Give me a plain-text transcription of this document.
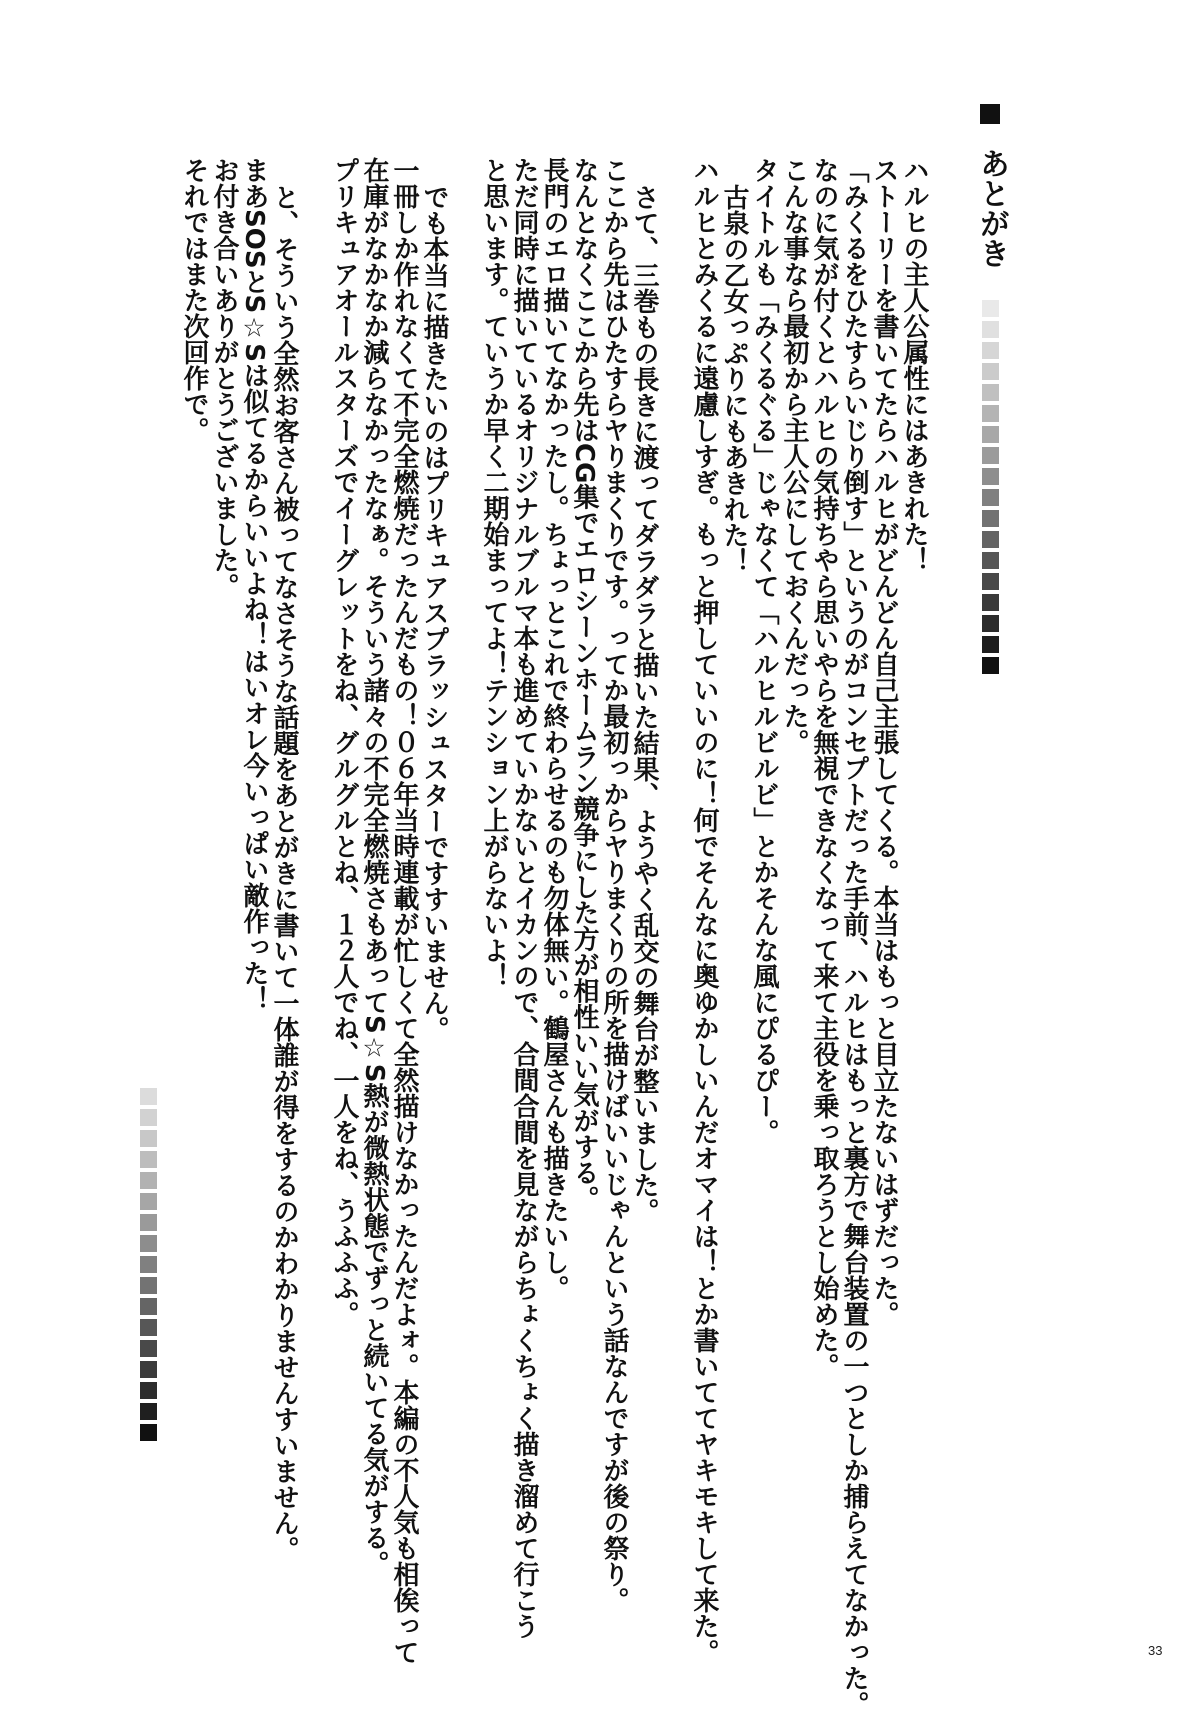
あとがき
ハルヒの主人公属性にはあきれた！
ストーリーを書いてたらハルヒがどんどん自己主張してくる。本当はもっと目立たないはずだった。
「みくるをひたすらいじり倒す」というのがコンセプトだった手前、ハルヒはもっと裏方で舞台装置の一つとしか捕らえてなかった。
なのに気が付くとハルヒの気持ちやら思いやらを無視できなくなって来て主役を乗っ取ろうとし始めた。
こんな事なら最初から主人公にしておくんだった。
タイトルも「みくるぐる」じゃなくて「ハルヒルビルビ」とかそんな風にぴるぴー。
古泉の乙女っぷりにもあきれた！
ハルヒとみくるに遠慮しすぎ。もっと押していいのに！何でそんなに奥ゆかしいんだオマイは！とか書いててヤキモキして来た。
さて、三巻もの長きに渡ってダラダラと描いた結果、ようやく乱交の舞台が整いました。
ここから先はひたすらヤりまくりです。ってか最初っからヤりまくりの所を描けばいいじゃんという話なんですが後の祭り。
なんとなくここから先はCG集でエロシーンホームラン競争にした方が相性いい気がする。
長門のエロ描いてなかったし。ちょっとこれで終わらせるのも勿体無い。鶴屋さんも描きたいし。
ただ同時に描いているオリジナルブルマ本も進めていかないとイカンので、合間合間を見ながらちょくちょく描き溜めて行こう
と思います。ていうか早く二期始まってよ！テンション上がらないよ！
でも本当に描きたいのはプリキュアスプラッシュスターですすいません。
一冊しか作れなくて不完全燃焼だったんだもの！０６年当時連載が忙しくて全然描けなかったんだよォ。本編の不人気も相俟って
在庫がなかなか減らなかったなぁ。そういう諸々の不完全燃焼さもあってS☆S熱が微熱状態でずっと続いてる気がする。
プリキュアオールスターズでイーグレットをね、グルグルとね、１２人でね、一人をね、うふふふ。
と、そういう全然お客さん被ってなさそうな話題をあとがきに書いて一体誰が得をするのかわかりませんすいません。
まあSOSとS☆Sは似てるからいいよね！はいオレ今いっぱい敵作った！
お付き合いありがとうございました。
それではまた次回作で。
33
